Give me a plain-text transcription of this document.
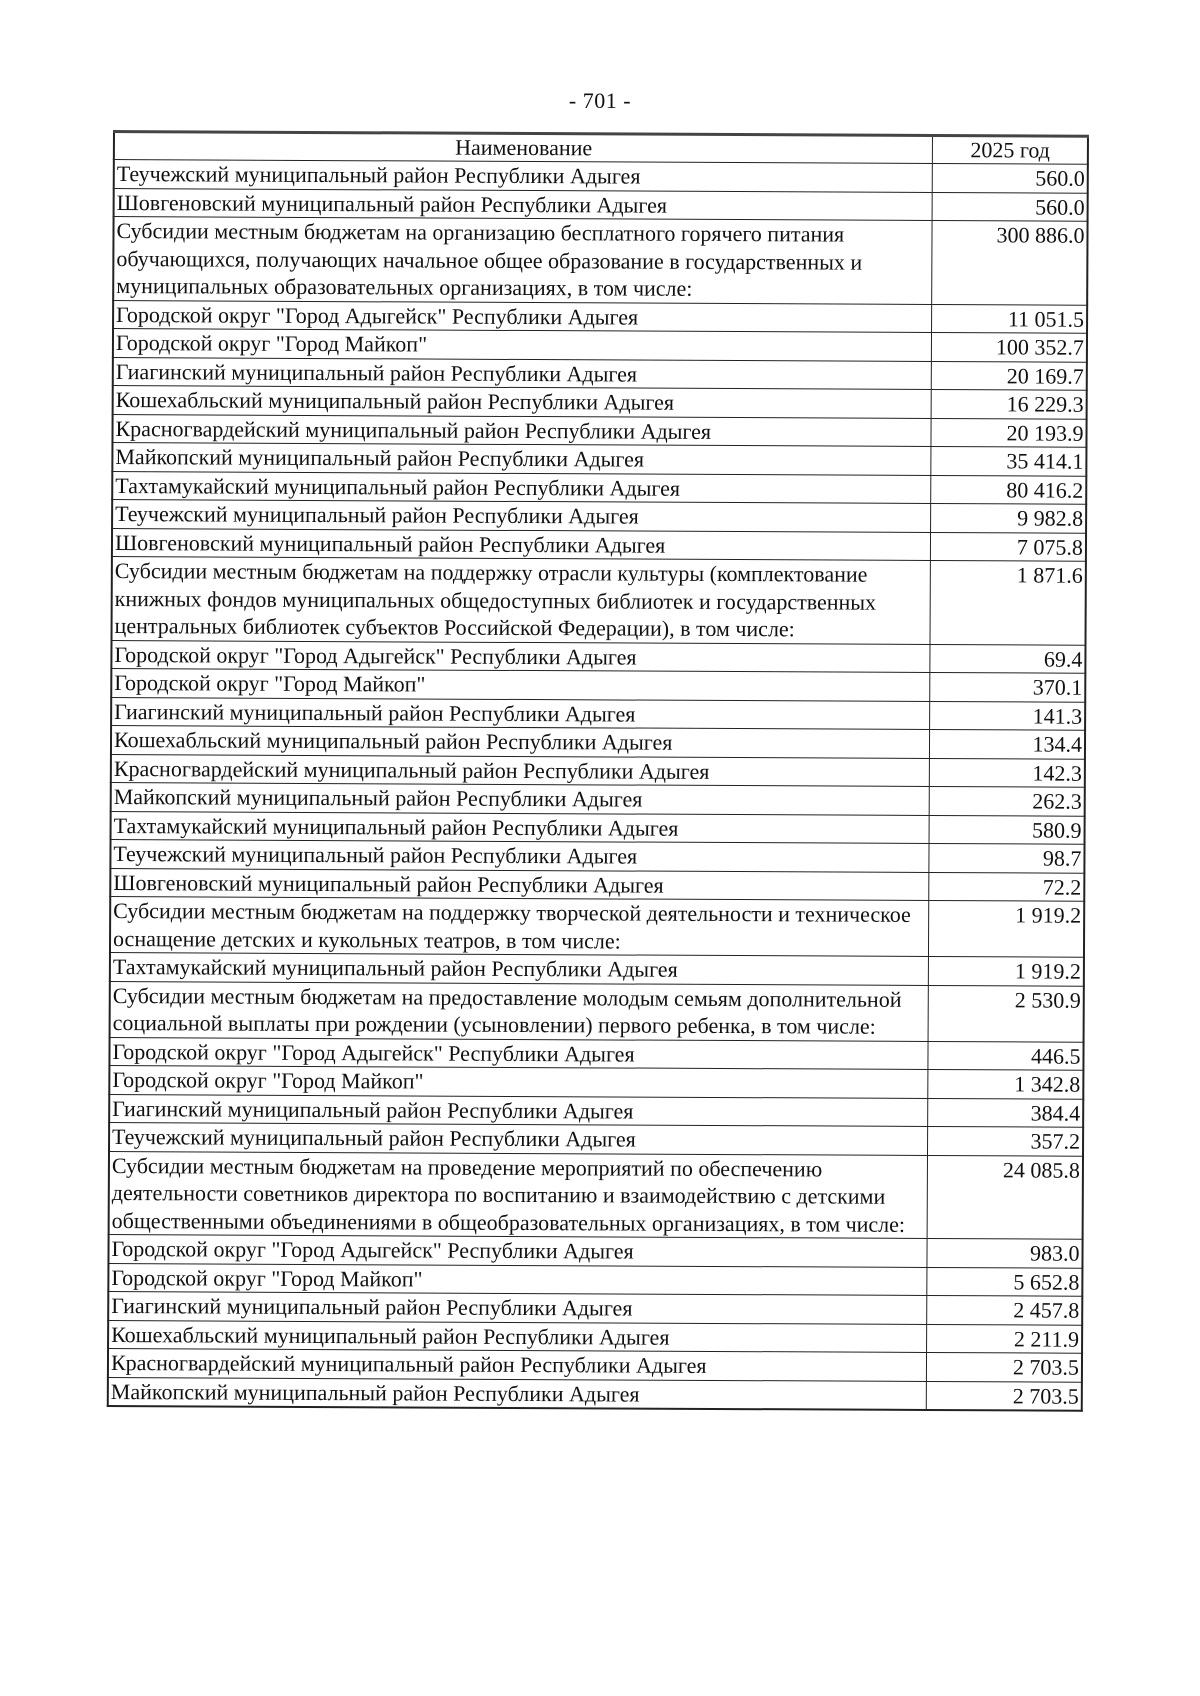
- 701 -
Наименование	2025 год
Теучежский муниципальный район Республики Адыгея	560.0
Шовгеновский муниципальный район Республики Адыгея	560.0
Субсидии местным бюджетам на организацию бесплатного горячего питания обучающихся, получающих начальное общее образование в государственных и муниципальных образовательных организациях, в том числе:	300 886.0
Городской округ "Город Адыгейск" Республики Адыгея	11 051.5
Городской округ "Город Майкоп"	100 352.7
Гиагинский муниципальный район Республики Адыгея	20 169.7
Кошехабльский муниципальный район Республики Адыгея	16 229.3
Красногвардейский муниципальный район Республики Адыгея	20 193.9
Майкопский муниципальный район Республики Адыгея	35 414.1
Тахтамукайский муниципальный район Республики Адыгея	80 416.2
Теучежский муниципальный район Республики Адыгея	9 982.8
Шовгеновский муниципальный район Республики Адыгея	7 075.8
Субсидии местным бюджетам на поддержку отрасли культуры (комплектование книжных фондов муниципальных общедоступных библиотек и государственных центральных библиотек субъектов Российской Федерации), в том числе:	1 871.6
Городской округ "Город Адыгейск" Республики Адыгея	69.4
Городской округ "Город Майкоп"	370.1
Гиагинский муниципальный район Республики Адыгея	141.3
Кошехабльский муниципальный район Республики Адыгея	134.4
Красногвардейский муниципальный район Республики Адыгея	142.3
Майкопский муниципальный район Республики Адыгея	262.3
Тахтамукайский муниципальный район Республики Адыгея	580.9
Теучежский муниципальный район Республики Адыгея	98.7
Шовгеновский муниципальный район Республики Адыгея	72.2
Субсидии местным бюджетам на поддержку творческой деятельности и техническое оснащение детских и кукольных театров, в том числе:	1 919.2
Тахтамукайский муниципальный район Республики Адыгея	1 919.2
Субсидии местным бюджетам на предоставление молодым семьям дополнительной социальной выплаты при рождении (усыновлении) первого ребенка, в том числе:	2 530.9
Городской округ "Город Адыгейск" Республики Адыгея	446.5
Городской округ "Город Майкоп"	1 342.8
Гиагинский муниципальный район Республики Адыгея	384.4
Теучежский муниципальный район Республики Адыгея	357.2
Субсидии местным бюджетам на проведение мероприятий по обеспечению деятельности советников директора по воспитанию и взаимодействию с детскими общественными объединениями в общеобразовательных организациях, в том числе:	24 085.8
Городской округ "Город Адыгейск" Республики Адыгея	983.0
Городской округ "Город Майкоп"	5 652.8
Гиагинский муниципальный район Республики Адыгея	2 457.8
Кошехабльский муниципальный район Республики Адыгея	2 211.9
Красногвардейский муниципальный район Республики Адыгея	2 703.5
Майкопский муниципальный район Республики Адыгея	2 703.5
